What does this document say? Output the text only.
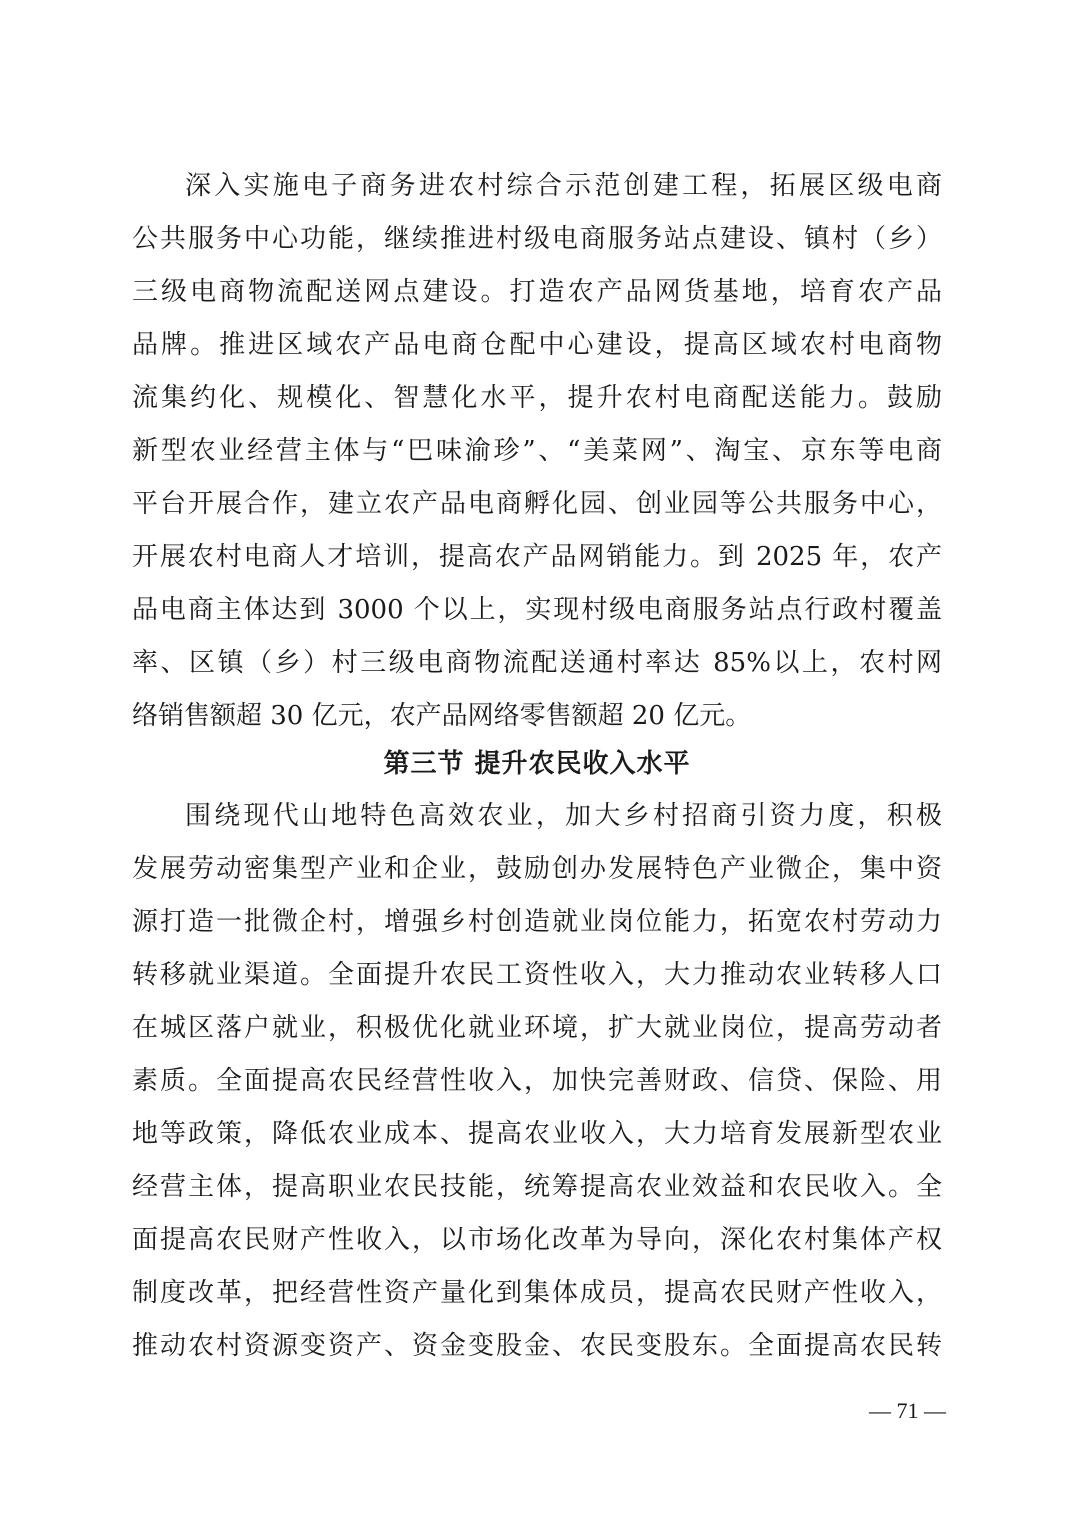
深入实施电子商务进农村综合示范创建工程，拓展区级电商
公共服务中心功能，继续推进村级电商服务站点建设、镇村（乡）
三级电商物流配送网点建设。打造农产品网货基地，培育农产品
品牌。推进区域农产品电商仓配中心建设，提高区域农村电商物
流集约化、规模化、智慧化水平，提升农村电商配送能力。鼓励
新型农业经营主体与“巴味渝珍”、“美菜网”、淘宝、京东等电商
平台开展合作，建立农产品电商孵化园、创业园等公共服务中心，
开展农村电商人才培训，提高农产品网销能力。到 2025 年，农产
品电商主体达到 3000 个以上，实现村级电商服务站点行政村覆盖
率、区镇（乡）村三级电商物流配送通村率达 85%以上，农村网
络销售额超 30 亿元，农产品网络零售额超 20 亿元。
第三节 提升农民收入水平
围绕现代山地特色高效农业，加大乡村招商引资力度，积极
发展劳动密集型产业和企业，鼓励创办发展特色产业微企，集中资
源打造一批微企村，增强乡村创造就业岗位能力，拓宽农村劳动力
转移就业渠道。全面提升农民工资性收入，大力推动农业转移人口
在城区落户就业，积极优化就业环境，扩大就业岗位，提高劳动者
素质。全面提高农民经营性收入，加快完善财政、信贷、保险、用
地等政策，降低农业成本、提高农业收入，大力培育发展新型农业
经营主体，提高职业农民技能，统筹提高农业效益和农民收入。全
面提高农民财产性收入，以市场化改革为导向，深化农村集体产权
制度改革，把经营性资产量化到集体成员，提高农民财产性收入，
推动农村资源变资产、资金变股金、农民变股东。全面提高农民转
— 71 —
